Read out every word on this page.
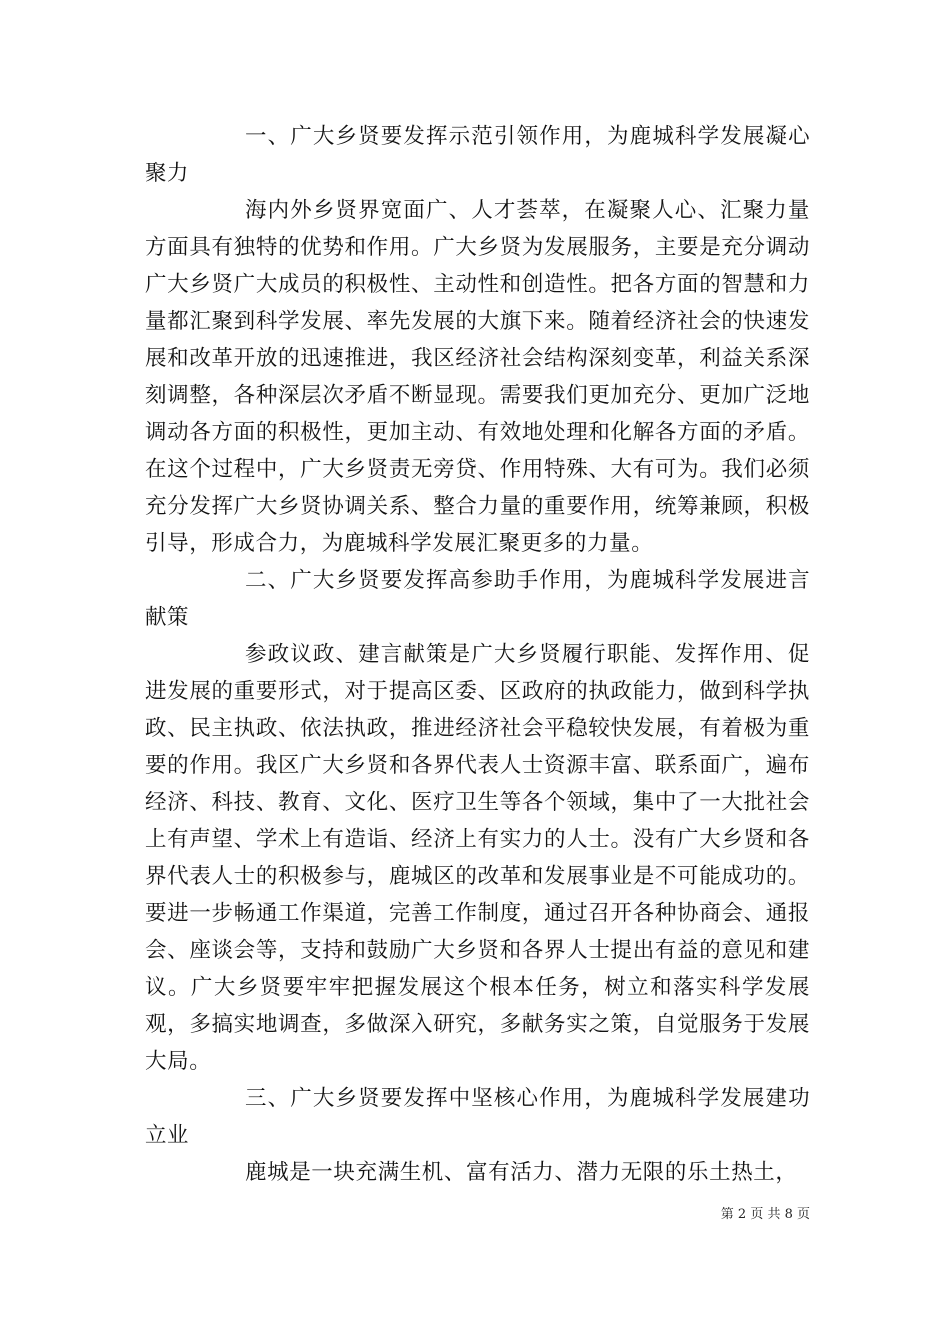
一、广大乡贤要发挥示范引领作用，为鹿城科学发展凝心聚力

海内外乡贤界宽面广、人才荟萃，在凝聚人心、汇聚力量方面具有独特的优势和作用。广大乡贤为发展服务，主要是充分调动广大乡贤广大成员的积极性、主动性和创造性。把各方面的智慧和力量都汇聚到科学发展、率先发展的大旗下来。随着经济社会的快速发展和改革开放的迅速推进，我区经济社会结构深刻变革，利益关系深刻调整，各种深层次矛盾不断显现。需要我们更加充分、更加广泛地调动各方面的积极性，更加主动、有效地处理和化解各方面的矛盾。在这个过程中，广大乡贤责无旁贷、作用特殊、大有可为。我们必须充分发挥广大乡贤协调关系、整合力量的重要作用，统筹兼顾，积极引导，形成合力，为鹿城科学发展汇聚更多的力量。

二、广大乡贤要发挥高参助手作用，为鹿城科学发展进言献策

参政议政、建言献策是广大乡贤履行职能、发挥作用、促进发展的重要形式，对于提高区委、区政府的执政能力，做到科学执政、民主执政、依法执政，推进经济社会平稳较快发展，有着极为重要的作用。我区广大乡贤和各界代表人士资源丰富、联系面广，遍布经济、科技、教育、文化、医疗卫生等各个领域，集中了一大批社会上有声望、学术上有造诣、经济上有实力的人士。没有广大乡贤和各界代表人士的积极参与，鹿城区的改革和发展事业是不可能成功的。要进一步畅通工作渠道，完善工作制度，通过召开各种协商会、通报会、座谈会等，支持和鼓励广大乡贤和各界人士提出有益的意见和建议。广大乡贤要牢牢把握发展这个根本任务，树立和落实科学发展观，多搞实地调查，多做深入研究，多献务实之策，自觉服务于发展大局。

三、广大乡贤要发挥中坚核心作用，为鹿城科学发展建功立业

鹿城是一块充满生机、富有活力、潜力无限的乐土热土，

第 2 页 共 8 页
